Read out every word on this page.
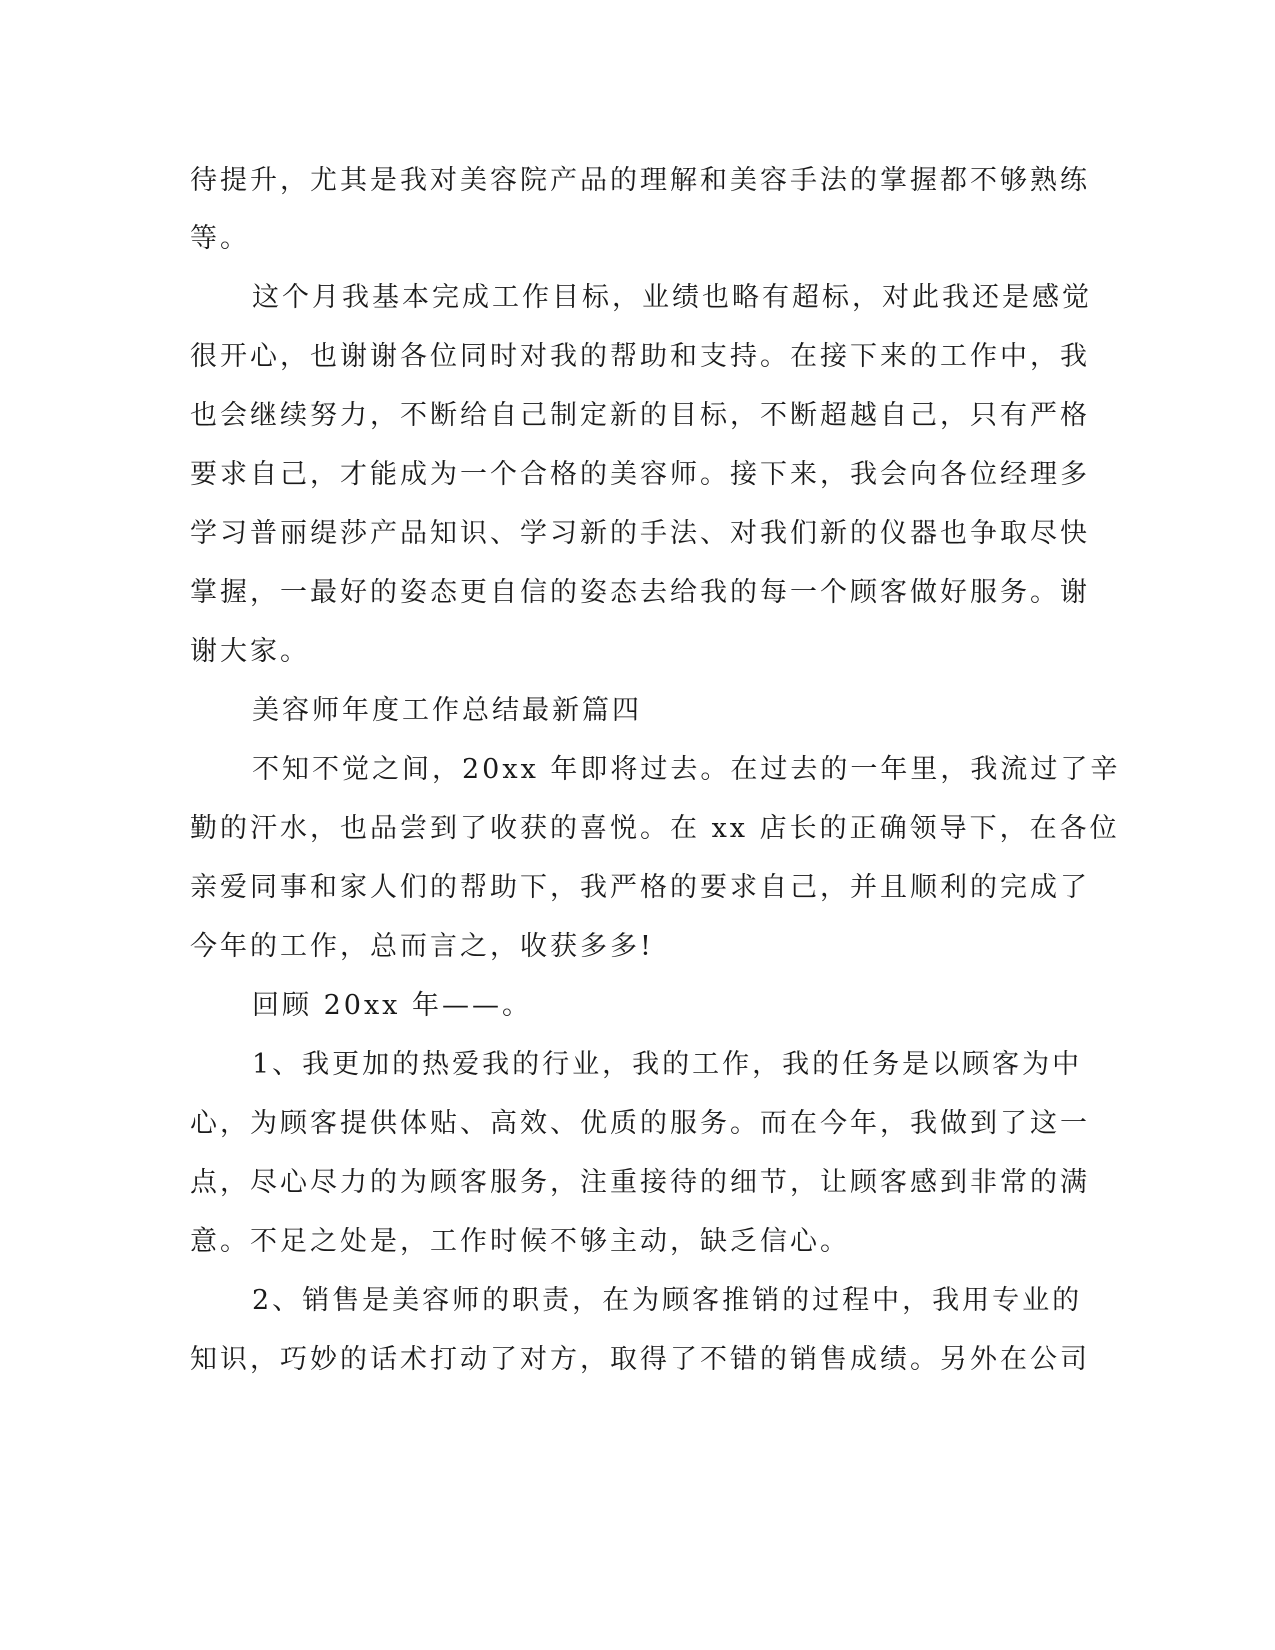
待提升，尤其是我对美容院产品的理解和美容手法的掌握都不够熟练
等。
这个月我基本完成工作目标，业绩也略有超标，对此我还是感觉
很开心，也谢谢各位同时对我的帮助和支持。在接下来的工作中，我
也会继续努力，不断给自己制定新的目标，不断超越自己，只有严格
要求自己，才能成为一个合格的美容师。接下来，我会向各位经理多
学习普丽缇莎产品知识、学习新的手法、对我们新的仪器也争取尽快
掌握，一最好的姿态更自信的姿态去给我的每一个顾客做好服务。谢
谢大家。
美容师年度工作总结最新篇四
不知不觉之间，20xx 年即将过去。在过去的一年里，我流过了辛
勤的汗水，也品尝到了收获的喜悦。在 xx 店长的正确领导下，在各位
亲爱同事和家人们的帮助下，我严格的要求自己，并且顺利的完成了
今年的工作，总而言之，收获多多!
回顾 20xx 年——。
1、我更加的热爱我的行业，我的工作，我的任务是以顾客为中
心，为顾客提供体贴、高效、优质的服务。而在今年，我做到了这一
点，尽心尽力的为顾客服务，注重接待的细节，让顾客感到非常的满
意。不足之处是，工作时候不够主动，缺乏信心。
2、销售是美容师的职责，在为顾客推销的过程中，我用专业的
知识，巧妙的话术打动了对方，取得了不错的销售成绩。另外在公司
